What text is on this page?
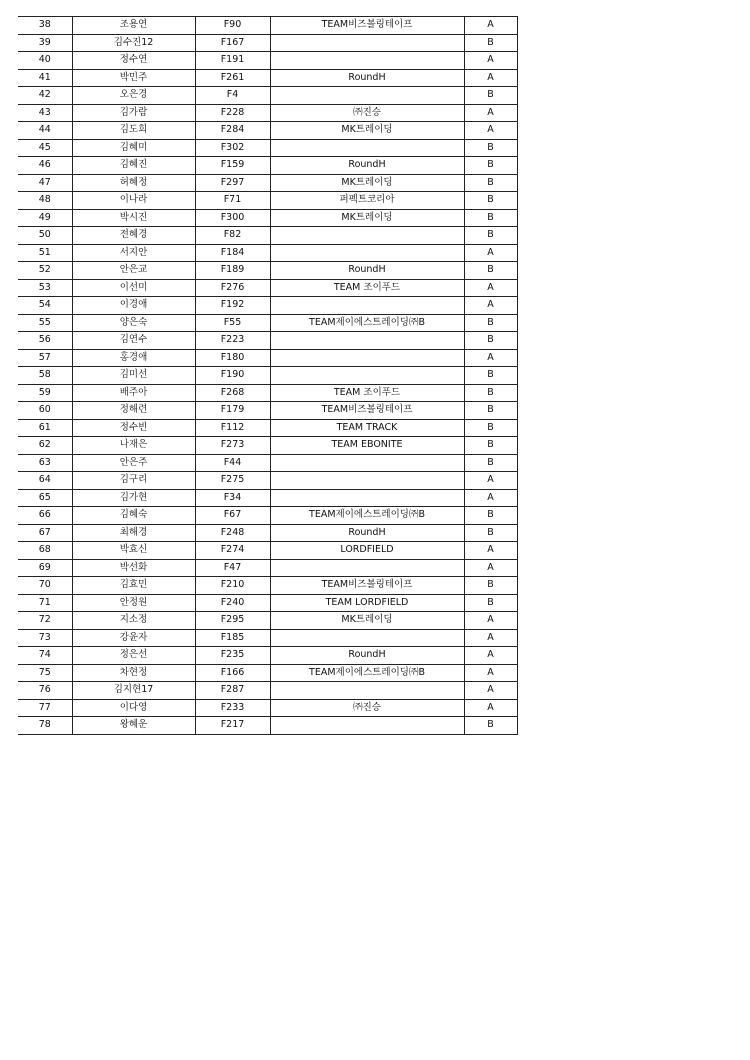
38	조용연	F90	TEAM비즈볼링테이프	A
39	김수진12	F167		B
40	정수연	F191		A
41	박민주	F261	RoundH	A
42	오은경	F4		B
43	김가람	F228	㈜진승	A
44	김도희	F284	MK트레이딩	A
45	김혜미	F302		B
46	김혜진	F159	RoundH	B
47	허혜정	F297	MK트레이딩	B
48	이나라	F71	퍼펙트코리아	B
49	박시진	F300	MK트레이딩	B
50	전혜경	F82		B
51	서지안	F184		A
52	안은교	F189	RoundH	B
53	이선미	F276	TEAM 조이푸드	A
54	이경애	F192		A
55	양은숙	F55	TEAM제이에스트레이딩㈜B	B
56	김연수	F223		B
57	홍경애	F180		A
58	김미선	F190		B
59	배주아	F268	TEAM 조이푸드	B
60	정해련	F179	TEAM비즈볼링테이프	B
61	정수빈	F112	TEAM TRACK	B
62	나재은	F273	TEAM EBONITE	B
63	안은주	F44		B
64	김구리	F275		A
65	김가현	F34		A
66	김혜숙	F67	TEAM제이에스트레이딩㈜B	B
67	최해경	F248	RoundH	B
68	박효신	F274	LORDFIELD	A
69	박선화	F47		A
70	김효민	F210	TEAM비즈볼링테이프	B
71	안정원	F240	TEAM LORDFIELD	B
72	지소정	F295	MK트레이딩	A
73	강윤자	F185		A
74	정은선	F235	RoundH	A
75	차현정	F166	TEAM제이에스트레이딩㈜B	A
76	김지현17	F287		A
77	이다영	F233	㈜진승	A
78	왕혜운	F217		B
